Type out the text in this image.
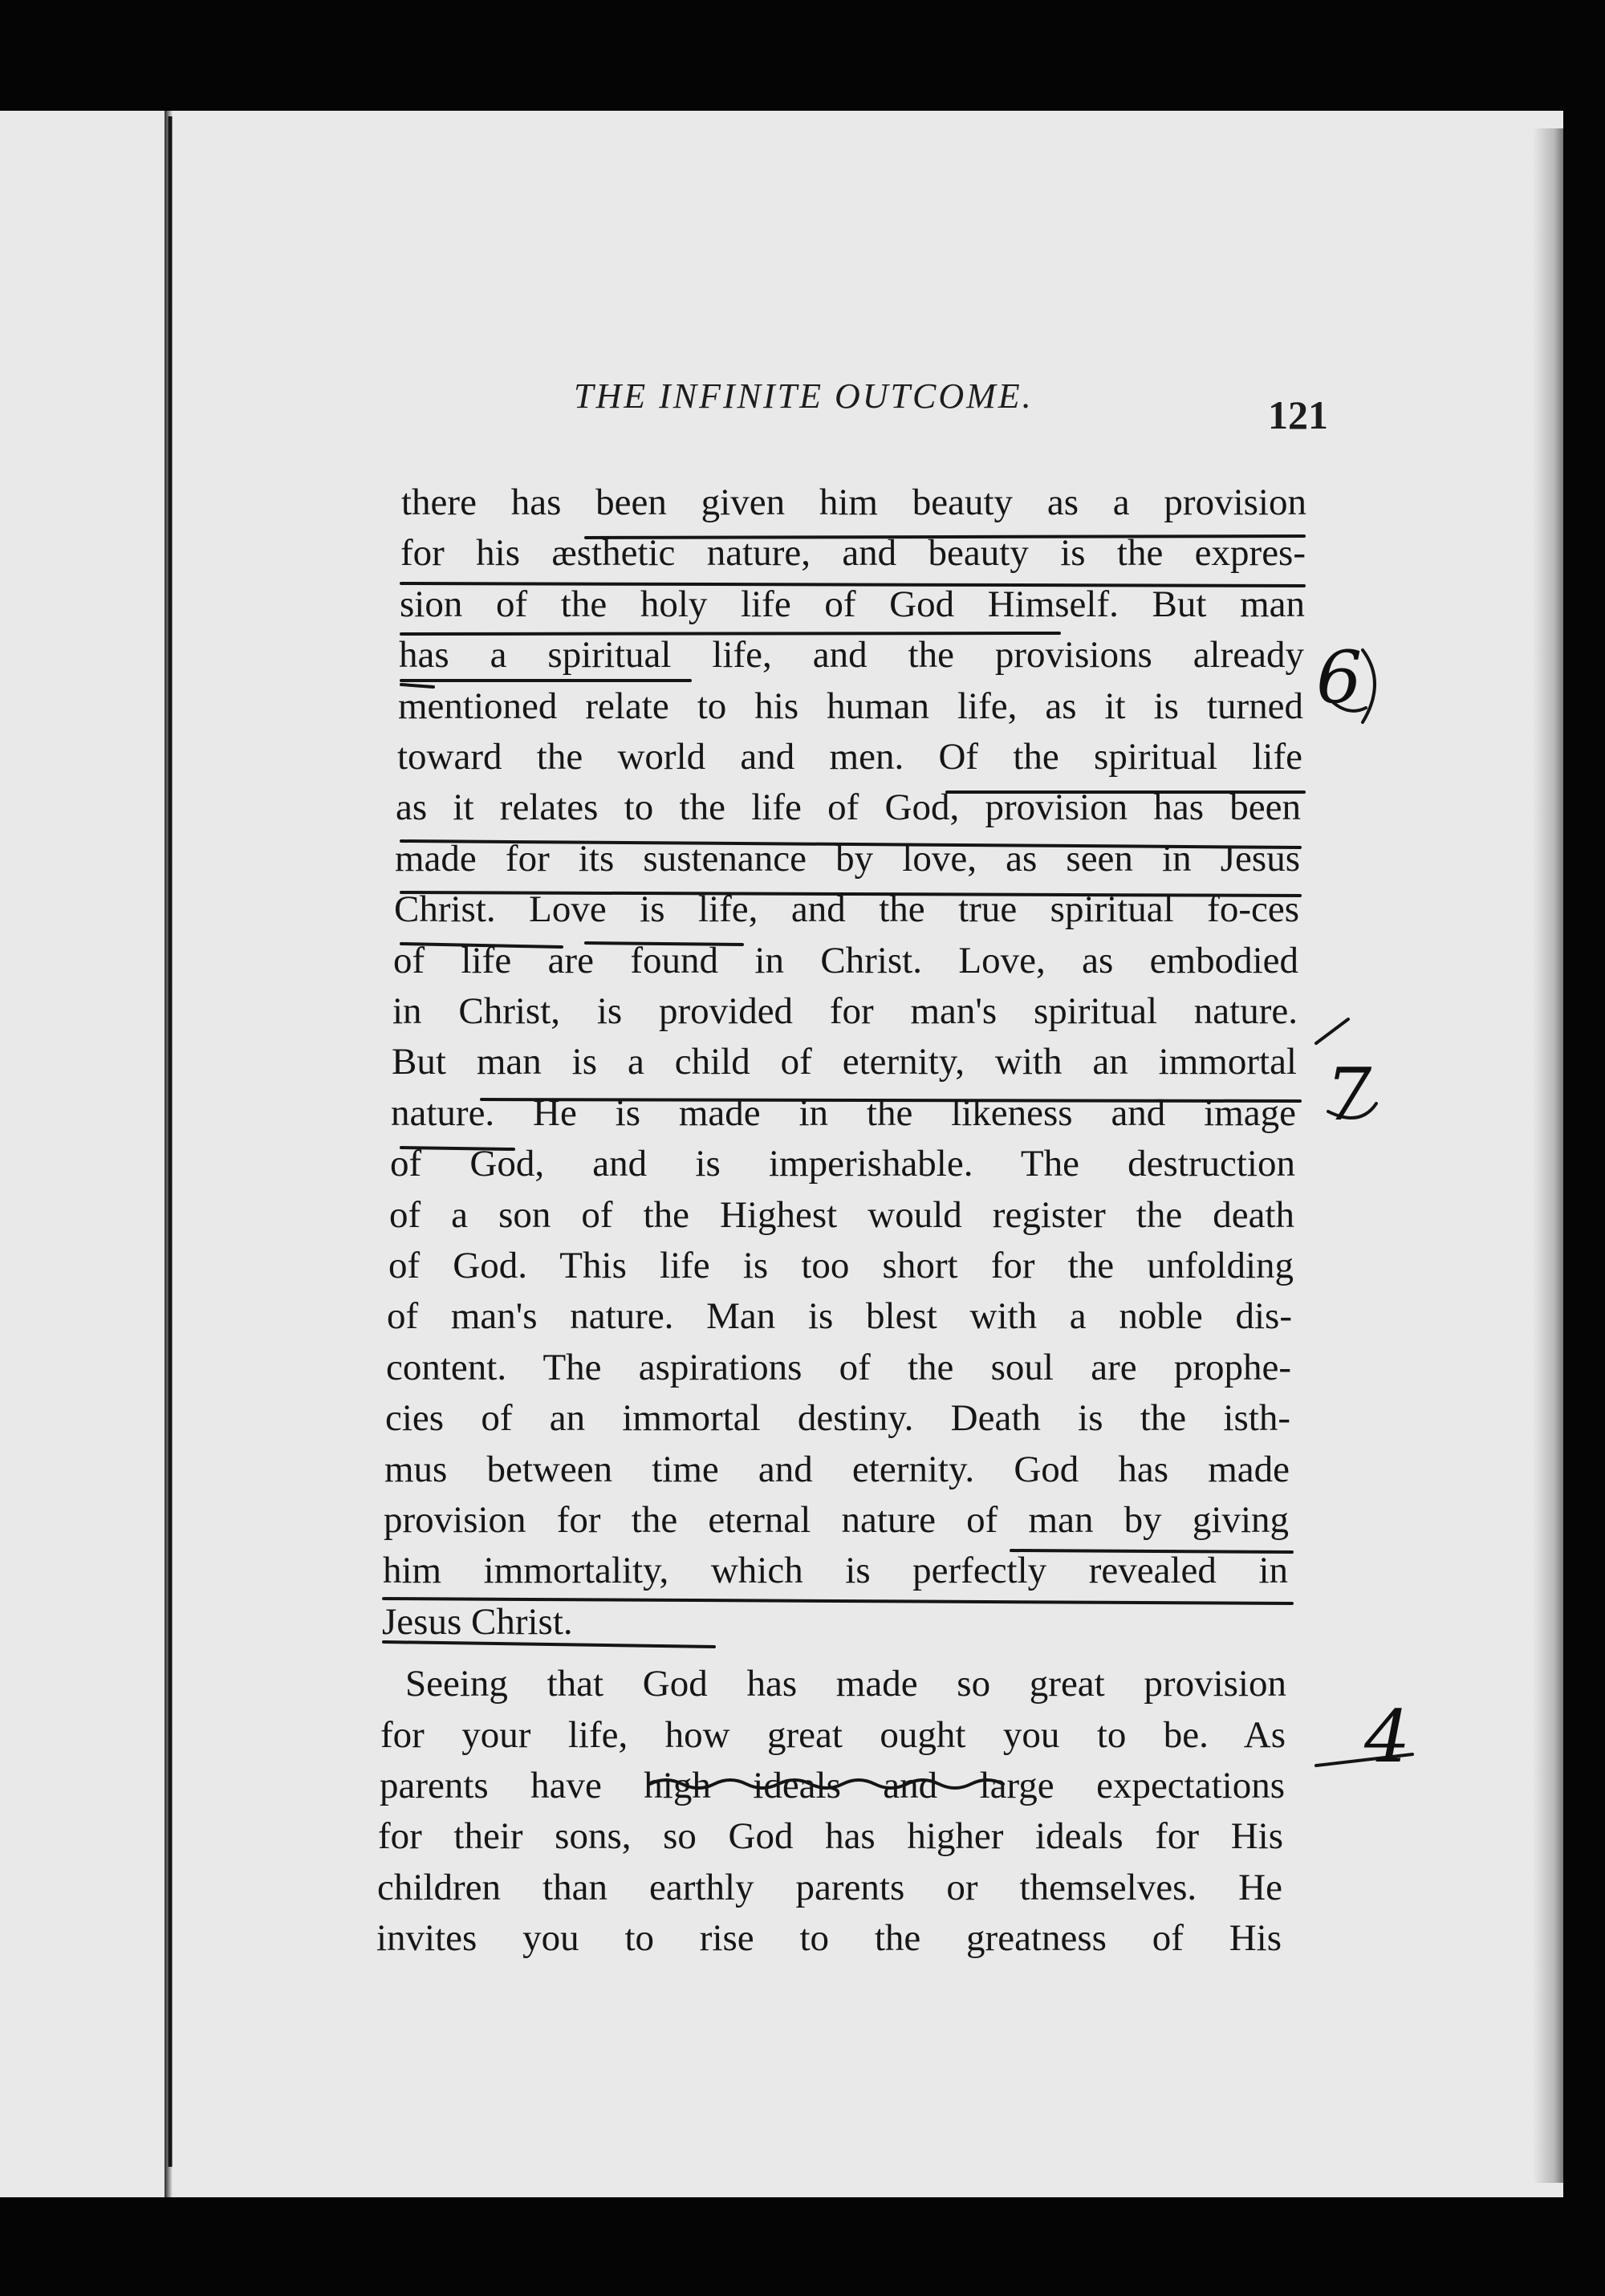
THE INFINITE OUTCOME.	121
there has been given him beauty as a provision
for his æsthetic nature, and beauty is the expres-
sion of the holy life of God Himself. But man
has a spiritual life, and the provisions already
mentioned relate to his human life, as it is turned
toward the world and men. Of the spiritual life
as it relates to the life of God, provision has been
made for its sustenance by love, as seen in Jesus
Christ. Love is life, and the true spiritual fo-ces
of life are found in Christ. Love, as embodied
in Christ, is provided for man's spiritual nature.
But man is a child of eternity, with an immortal
nature. He is made in the likeness and image
of God, and is imperishable. The destruction
of a son of the Highest would register the death
of God. This life is too short for the unfolding
of man's nature. Man is blest with a noble dis-
content. The aspirations of the soul are prophe-
cies of an immortal destiny. Death is the isth-
mus between time and eternity. God has made
provision for the eternal nature of man by giving
him immortality, which is perfectly revealed in
Jesus Christ.
Seeing that God has made so great provision
for your life, how great ought you to be. As
parents have high ideals and large expectations
for their sons, so God has higher ideals for His
children than earthly parents or themselves. He
invites you to rise to the greatness of His
6
7
4
